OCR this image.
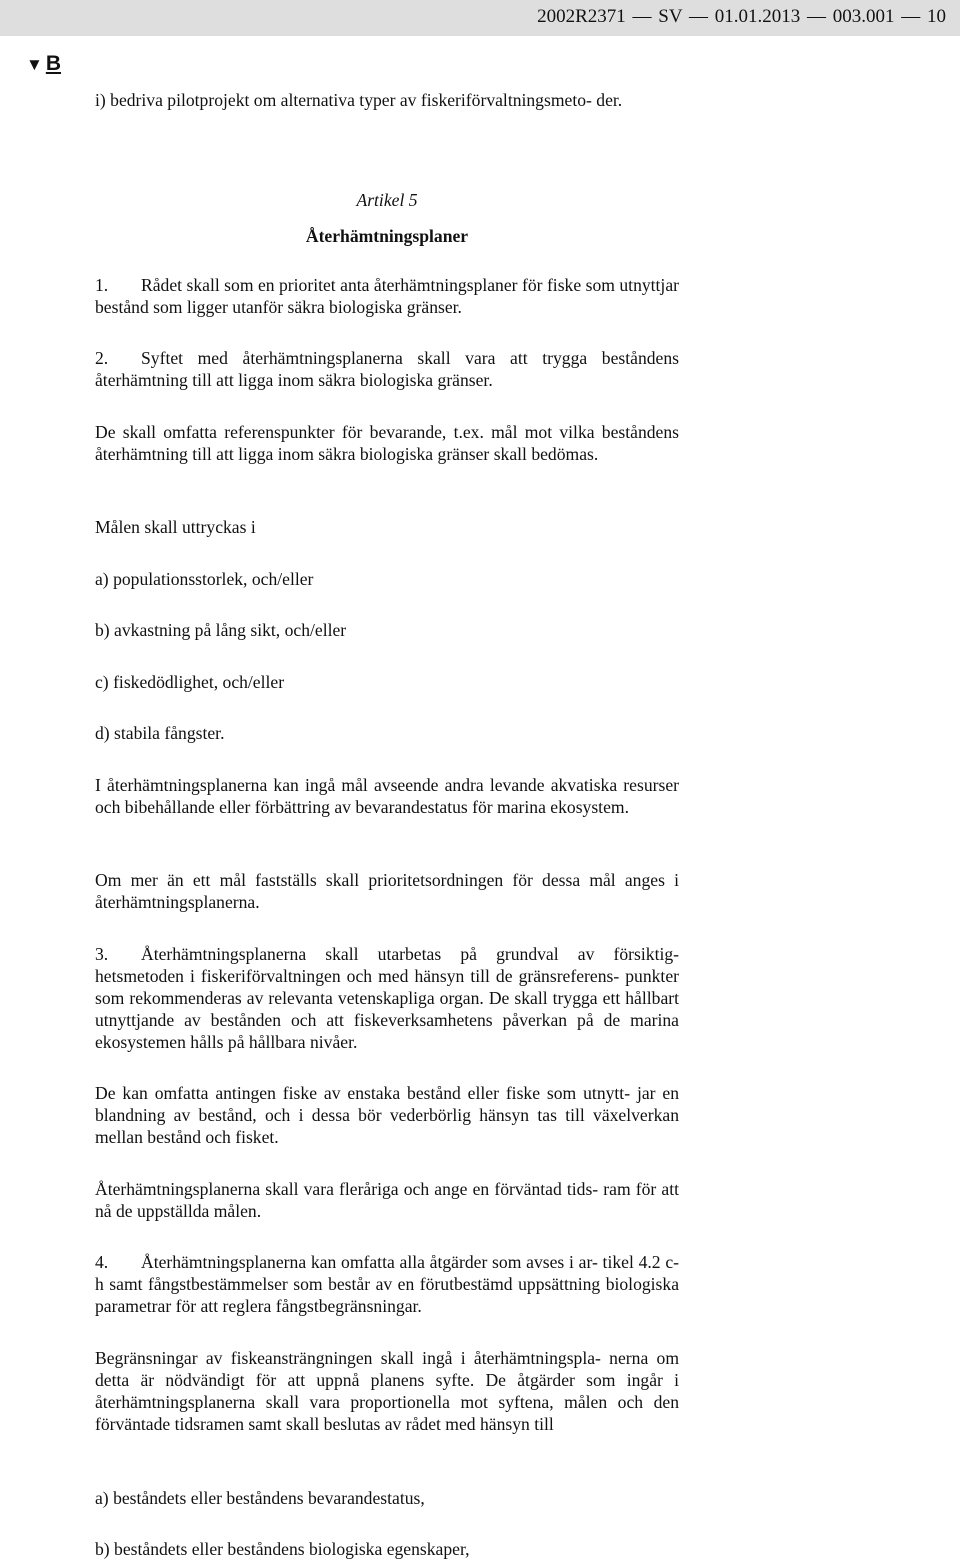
2002R2371 — SV — 01.01.2013 — 003.001 — 10
▼ B

i) bedriva pilotprojekt om alternativa typer av fiskeriförvaltningsmeto- der.

Artikel 5

Återhämtningsplaner

1. Rådet skall som en prioritet anta återhämtningsplaner för fiske som utnyttjar bestånd som ligger utanför säkra biologiska gränser.

2. Syftet med återhämtningsplanerna skall vara att trygga beståndens återhämtning till att ligga inom säkra biologiska gränser.

De skall omfatta referenspunkter för bevarande, t.ex. mål mot vilka beståndens återhämtning till att ligga inom säkra biologiska gränser skall bedömas.

Målen skall uttryckas i

a) populationsstorlek, och/eller

b) avkastning på lång sikt, och/eller

c) fiskedödlighet, och/eller

d) stabila fångster.

I återhämtningsplanerna kan ingå mål avseende andra levande akvatiska resurser och bibehållande eller förbättring av bevarandestatus för marina ekosystem.

Om mer än ett mål fastställs skall prioritetsordningen för dessa mål anges i återhämtningsplanerna.

3. Återhämtningsplanerna skall utarbetas på grundval av försiktig- hetsmetoden i fiskeriförvaltningen och med hänsyn till de gränsreferens- punkter som rekommenderas av relevanta vetenskapliga organ. De skall trygga ett hållbart utnyttjande av bestånden och att fiskeverksamhetens påverkan på de marina ekosystemen hålls på hållbara nivåer.

De kan omfatta antingen fiske av enstaka bestånd eller fiske som utnytt- jar en blandning av bestånd, och i dessa bör vederbörlig hänsyn tas till växelverkan mellan bestånd och fisket.

Återhämtningsplanerna skall vara fleråriga och ange en förväntad tids- ram för att nå de uppställda målen.

4. Återhämtningsplanerna kan omfatta alla åtgärder som avses i ar- tikel 4.2 c-h samt fångstbestämmelser som består av en förutbestämd uppsättning biologiska parametrar för att reglera fångstbegränsningar.

Begränsningar av fiskeansträngningen skall ingå i återhämtningspla- nerna om detta är nödvändigt för att uppnå planens syfte. De åtgärder som ingår i återhämtningsplanerna skall vara proportionella mot syftena, målen och den förväntade tidsramen samt skall beslutas av rådet med hänsyn till

a) beståndets eller beståndens bevarandestatus,

b) beståndets eller beståndens biologiska egenskaper,
